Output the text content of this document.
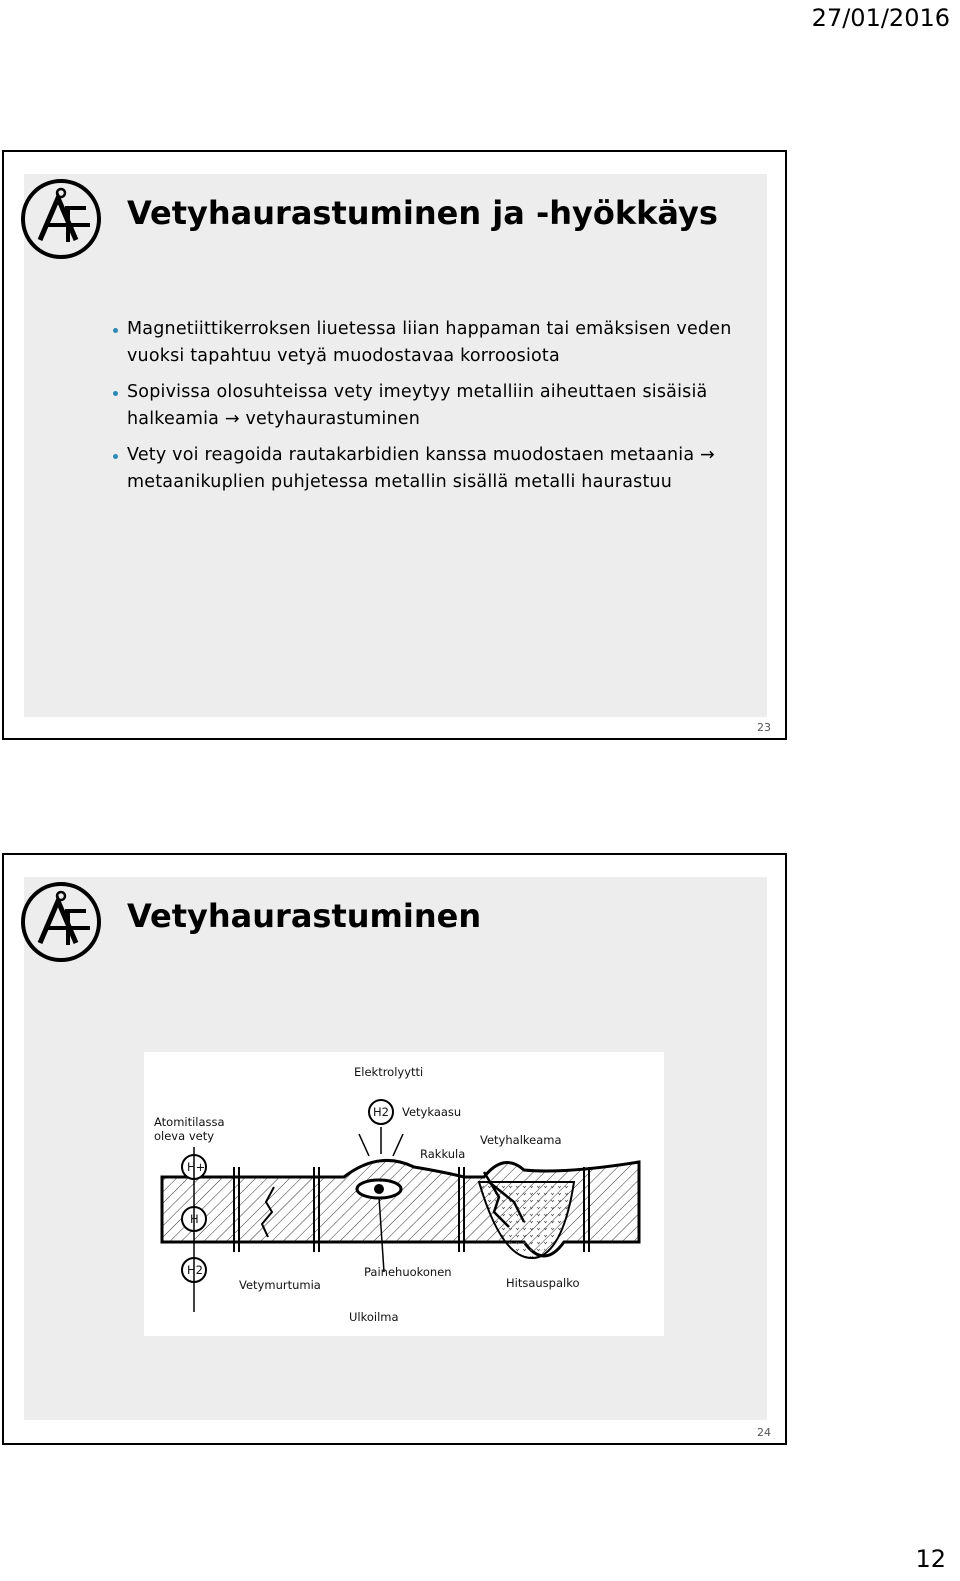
27/01/2016
Vetyhaurastuminen ja -hyökkäys
Magnetiittikerroksen liuetessa liian happaman tai emäksisen veden vuoksi tapahtuu vetyä muodostavaa korroosiota
Sopivissa olosuhteissa vety imeytyy metalliin aiheuttaen sisäisiä halkeamia → vetyhaurastuminen
Vety voi reagoida rautakarbidien kanssa muodostaen metaania → metaanikuplien puhjetessa metallin sisällä metalli haurastuu
23
Vetyhaurastuminen
Elektrolyytti
Atomitilassa
oleva vety
H+
H
H2
H2 Vetykaasu
Vetyhalkeama
Rakkula
Vetymurtumia
Painehuokonen
Hitsauspalko
Ulkoilma
24
12
